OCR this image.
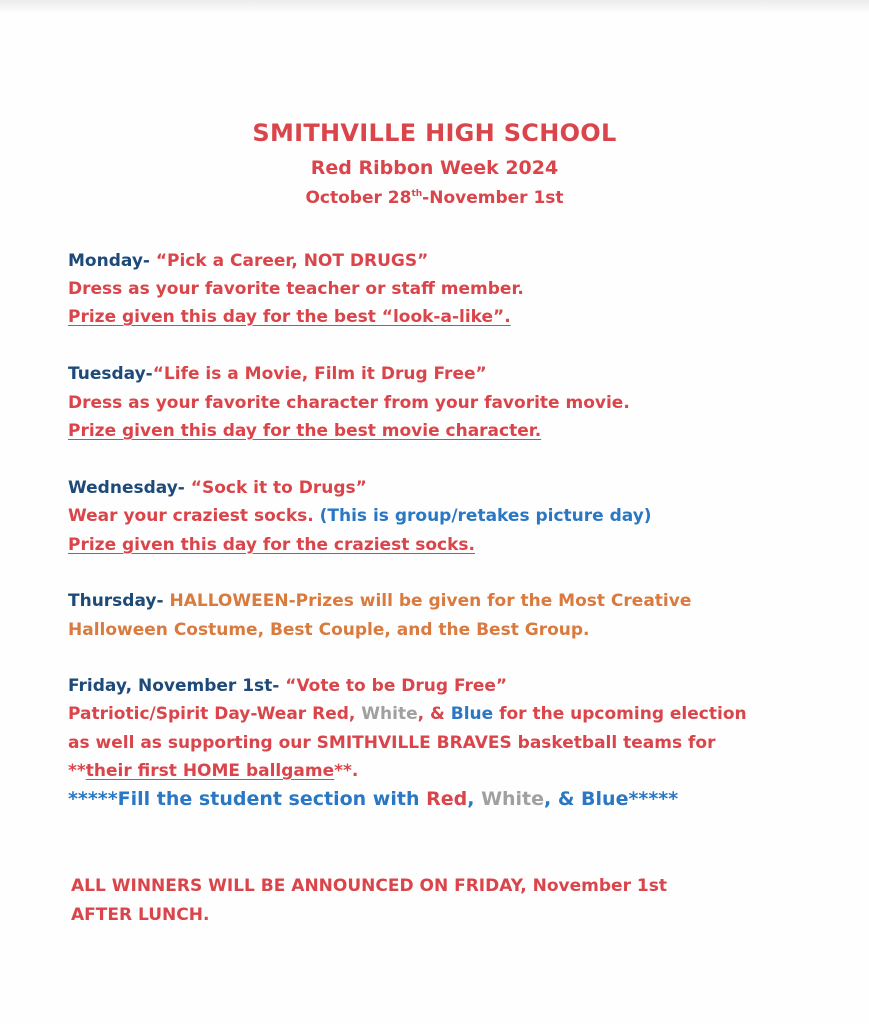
SMITHVILLE HIGH SCHOOL
Red Ribbon Week 2024
October 28th-November 1st
Monday- “Pick a Career, NOT DRUGS”
Dress as your favorite teacher or staff member.
Prize given this day for the best “look-a-like”.
Tuesday-“Life is a Movie, Film it Drug Free”
Dress as your favorite character from your favorite movie.
Prize given this day for the best movie character.
Wednesday- “Sock it to Drugs”
Wear your craziest socks. (This is group/retakes picture day)
Prize given this day for the craziest socks.
Thursday- HALLOWEEN-Prizes will be given for the Most Creative
Halloween Costume, Best Couple, and the Best Group.
Friday, November 1st- “Vote to be Drug Free”
Patriotic/Spirit Day-Wear Red, White, & Blue for the upcoming election
as well as supporting our SMITHVILLE BRAVES basketball teams for
**their first HOME ballgame**.
*****Fill the student section with Red, White, & Blue*****
ALL WINNERS WILL BE ANNOUNCED ON FRIDAY, November 1st
AFTER LUNCH.
